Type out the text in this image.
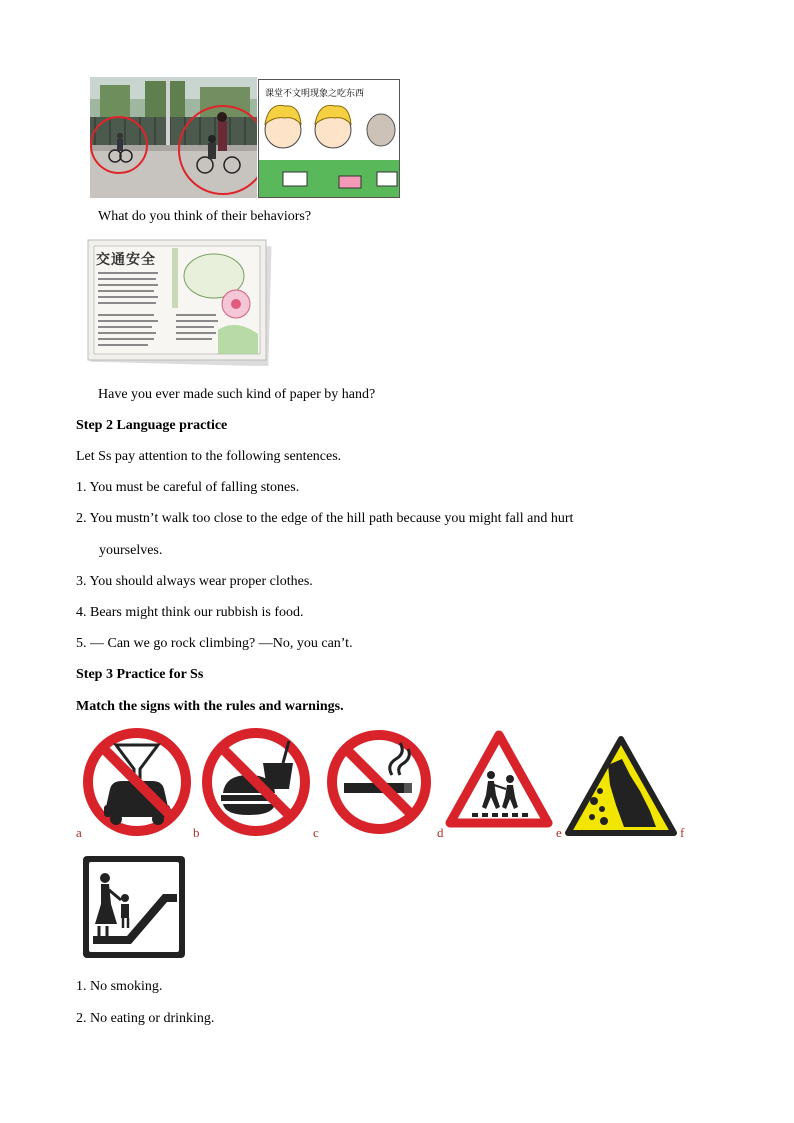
课堂不文明现象之吃东西
What do you think of their behaviors?
交通安全
Have you ever made such kind of paper by hand?
Step 2 Language practice
Let Ss pay attention to the following sentences.
1. You must be careful of falling stones.
2. You mustn’t walk too close to the edge of the hill path because you might fall and hurt
yourselves.
3. You should always wear proper clothes.
4. Bears might think our rubbish is food.
5. — Can we go rock climbing? —No, you can’t.
Step 3 Practice for Ss
Match the signs with the rules and warnings.
a	b	c	d	e	f
1. No smoking.
2. No eating or drinking.
